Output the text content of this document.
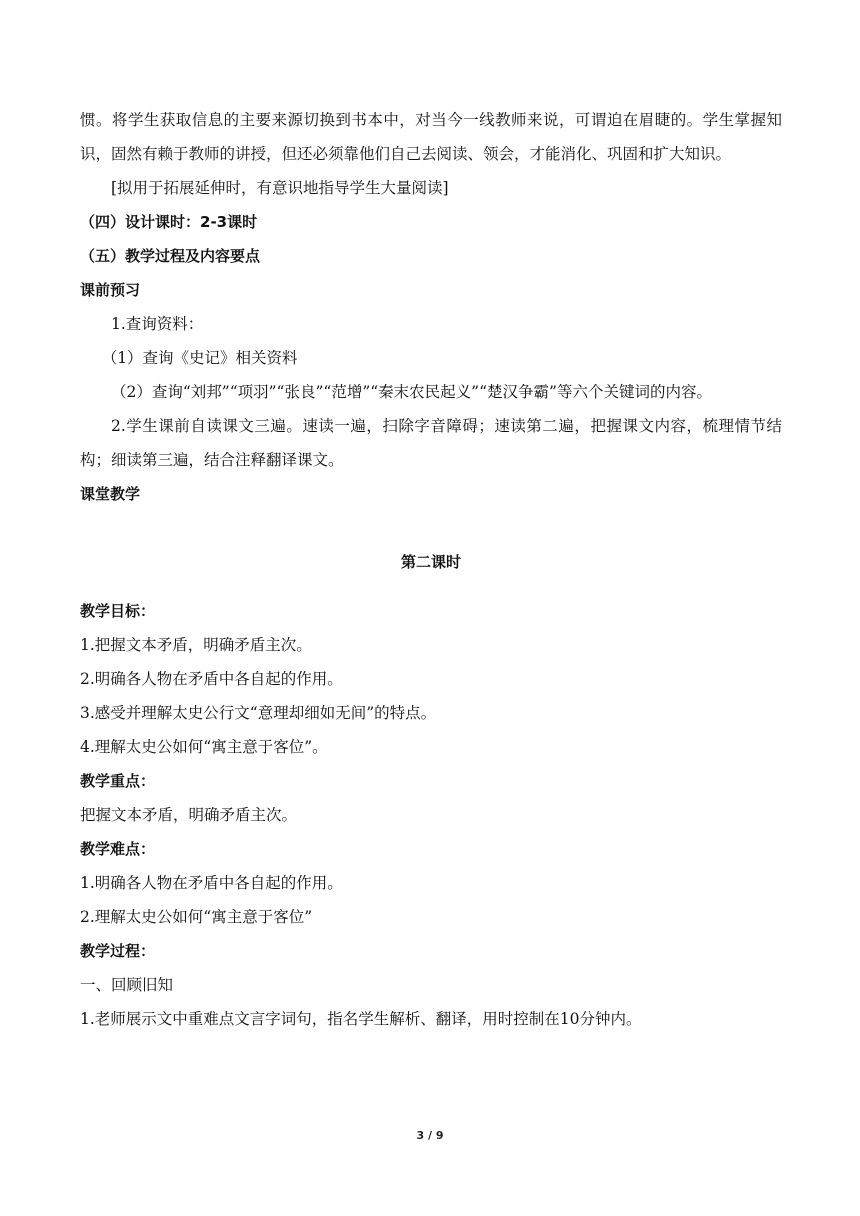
惯。将学生获取信息的主要来源切换到书本中，对当今一线教师来说，可谓迫在眉睫的。学生掌握知识，固然有赖于教师的讲授，但还必须靠他们自己去阅读、领会，才能消化、巩固和扩大知识。

[拟用于拓展延伸时，有意识地指导学生大量阅读]

（四）设计课时：2-3课时

（五）教学过程及内容要点

课前预习

1.查询资料：

（1）查询《史记》相关资料

（2）查询“刘邦”“项羽”“张良”“范增”“秦末农民起义”“楚汉争霸”等六个关键词的内容。

2.学生课前自读课文三遍。速读一遍，扫除字音障碍；速读第二遍，把握课文内容，梳理情节结构；细读第三遍，结合注释翻译课文。

课堂教学

第二课时

教学目标：

1.把握文本矛盾，明确矛盾主次。

2.明确各人物在矛盾中各自起的作用。

3.感受并理解太史公行文“意理却细如无间”的特点。

4.理解太史公如何“寓主意于客位”。

教学重点：

把握文本矛盾，明确矛盾主次。

教学难点：

1.明确各人物在矛盾中各自起的作用。

2.理解太史公如何“寓主意于客位”

教学过程：

一、回顾旧知

1.老师展示文中重难点文言字词句，指名学生解析、翻译，用时控制在10分钟内。

3 / 9
